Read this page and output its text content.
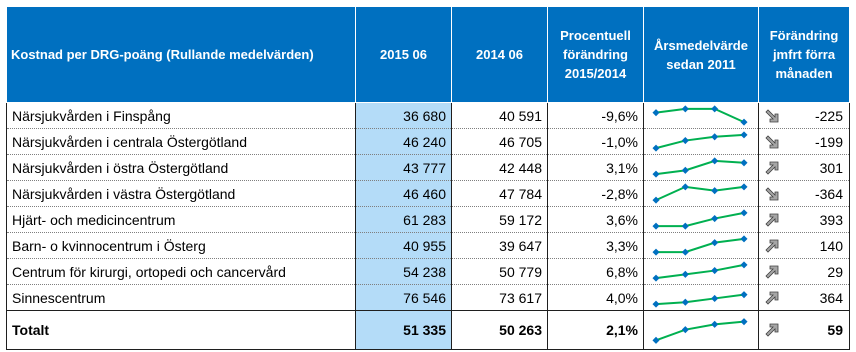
Kostnad per DRG-poäng (Rullande medelvärden)	2015 06	2014 06	Procentuell förändring 2015/2014	Årsmedelvärde sedan 2011	Förändring jmfrt förra månaden
Närsjukvården i Finspång	36 680	40 591	-9,6%		-225

Närsjukvården i centrala Östergötland	46 240	46 705	-1,0%		-199

Närsjukvården i östra Östergötland	43 777	42 448	3,1%		301

Närsjukvården i västra Östergötland	46 460	47 784	-2,8%		-364

Hjärt- och medicincentrum	61 283	59 172	3,6%		393

Barn- o kvinnocentrum i Österg	40 955	39 647	3,3%		140

Centrum för kirurgi, ortopedi och cancervård	54 238	50 779	6,8%		29

Sinnescentrum	76 546	73 617	4,0%		364

Totalt	51 335	50 263	2,1%		59
